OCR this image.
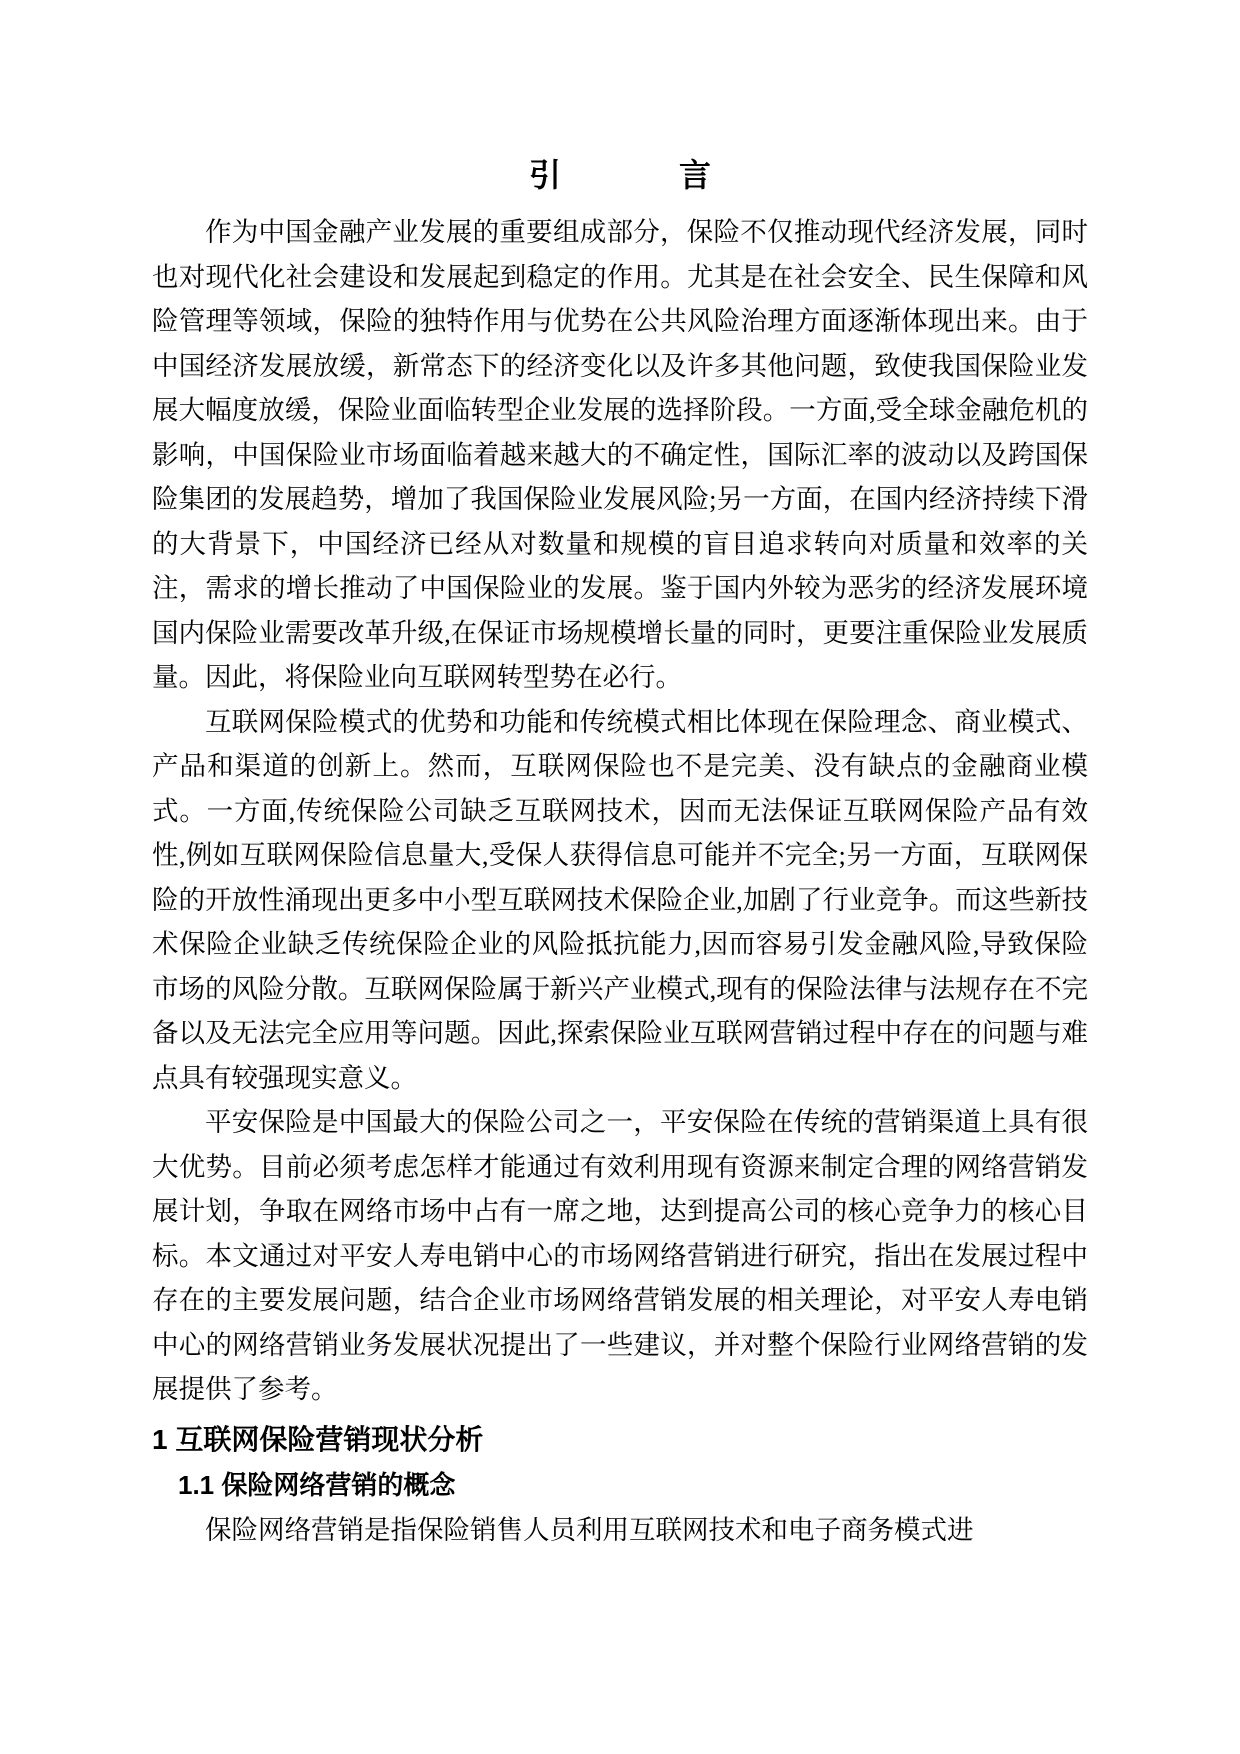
引　　言

作为中国金融产业发展的重要组成部分，保险不仅推动现代经济发展，同时也对现代化社会建设和发展起到稳定的作用。尤其是在社会安全、民生保障和风险管理等领域，保险的独特作用与优势在公共风险治理方面逐渐体现出来。由于中国经济发展放缓，新常态下的经济变化以及许多其他问题，致使我国保险业发展大幅度放缓，保险业面临转型企业发展的选择阶段。一方面,受全球金融危机的影响，中国保险业市场面临着越来越大的不确定性，国际汇率的波动以及跨国保险集团的发展趋势，增加了我国保险业发展风险;另一方面，在国内经济持续下滑的大背景下，中国经济已经从对数量和规模的盲目追求转向对质量和效率的关注，需求的增长推动了中国保险业的发展。鉴于国内外较为恶劣的经济发展环境国内保险业需要改革升级,在保证市场规模增长量的同时，更要注重保险业发展质量。因此，将保险业向互联网转型势在必行。

互联网保险模式的优势和功能和传统模式相比体现在保险理念、商业模式、产品和渠道的创新上。然而，互联网保险也不是完美、没有缺点的金融商业模式。一方面,传统保险公司缺乏互联网技术，因而无法保证互联网保险产品有效性,例如互联网保险信息量大,受保人获得信息可能并不完全;另一方面，互联网保险的开放性涌现出更多中小型互联网技术保险企业,加剧了行业竞争。而这些新技术保险企业缺乏传统保险企业的风险抵抗能力,因而容易引发金融风险,导致保险市场的风险分散。互联网保险属于新兴产业模式,现有的保险法律与法规存在不完备以及无法完全应用等问题。因此,探索保险业互联网营销过程中存在的问题与难点具有较强现实意义。

平安保险是中国最大的保险公司之一，平安保险在传统的营销渠道上具有很大优势。目前必须考虑怎样才能通过有效利用现有资源来制定合理的网络营销发展计划，争取在网络市场中占有一席之地，达到提高公司的核心竞争力的核心目标。本文通过对平安人寿电销中心的市场网络营销进行研究，指出在发展过程中存在的主要发展问题，结合企业市场网络营销发展的相关理论，对平安人寿电销中心的网络营销业务发展状况提出了一些建议，并对整个保险行业网络营销的发展提供了参考。

1 互联网保险营销现状分析
1.1 保险网络营销的概念

保险网络营销是指保险销售人员利用互联网技术和电子商务模式进
